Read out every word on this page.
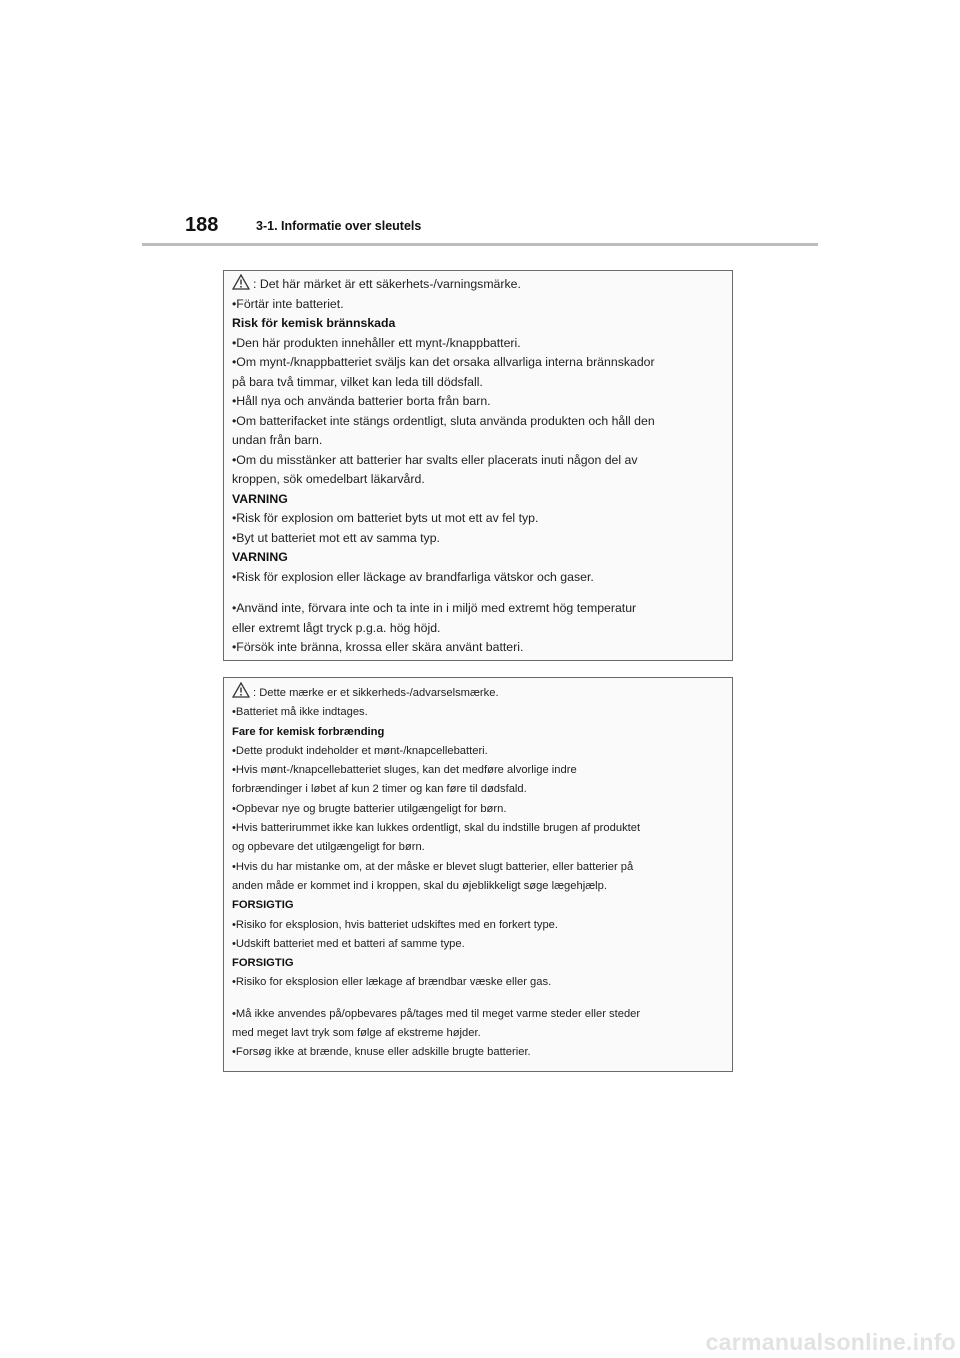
188	3-1. Informatie over sleutels
: Det här märket är ett säkerhets-/varningsmärke.
•Förtär inte batteriet.
Risk för kemisk brännskada
•Den här produkten innehåller ett mynt-/knappbatteri.
•Om mynt-/knappbatteriet sväljs kan det orsaka allvarliga interna brännskador
på bara två timmar, vilket kan leda till dödsfall.
•Håll nya och använda batterier borta från barn.
•Om batterifacket inte stängs ordentligt, sluta använda produkten och håll den
undan från barn.
•Om du misstänker att batterier har svalts eller placerats inuti någon del av
kroppen, sök omedelbart läkarvård.
VARNING
•Risk för explosion om batteriet byts ut mot ett av fel typ.
•Byt ut batteriet mot ett av samma typ.
VARNING
•Risk för explosion eller läckage av brandfarliga vätskor och gaser.
•Använd inte, förvara inte och ta inte in i miljö med extremt hög temperatur
eller extremt lågt tryck p.g.a. hög höjd.
•Försök inte bränna, krossa eller skära använt batteri.
: Dette mærke er et sikkerheds-/advarselsmærke.
•Batteriet må ikke indtages.
Fare for kemisk forbrænding
•Dette produkt indeholder et mønt-/knapcellebatteri.
•Hvis mønt-/knapcellebatteriet sluges, kan det medføre alvorlige indre
forbrændinger i løbet af kun 2 timer og kan føre til dødsfald.
•Opbevar nye og brugte batterier utilgængeligt for børn.
•Hvis batterirummet ikke kan lukkes ordentligt, skal du indstille brugen af produktet
og opbevare det utilgængeligt for børn.
•Hvis du har mistanke om, at der måske er blevet slugt batterier, eller batterier på
anden måde er kommet ind i kroppen, skal du øjeblikkeligt søge lægehjælp.
FORSIGTIG
•Risiko for eksplosion, hvis batteriet udskiftes med en forkert type.
•Udskift batteriet med et batteri af samme type.
FORSIGTIG
•Risiko for eksplosion eller lækage af brændbar væske eller gas.
•Må ikke anvendes på/opbevares på/tages med til meget varme steder eller steder
med meget lavt tryk som følge af ekstreme højder.
•Forsøg ikke at brænde, knuse eller adskille brugte batterier.
carmanualsonline.info
